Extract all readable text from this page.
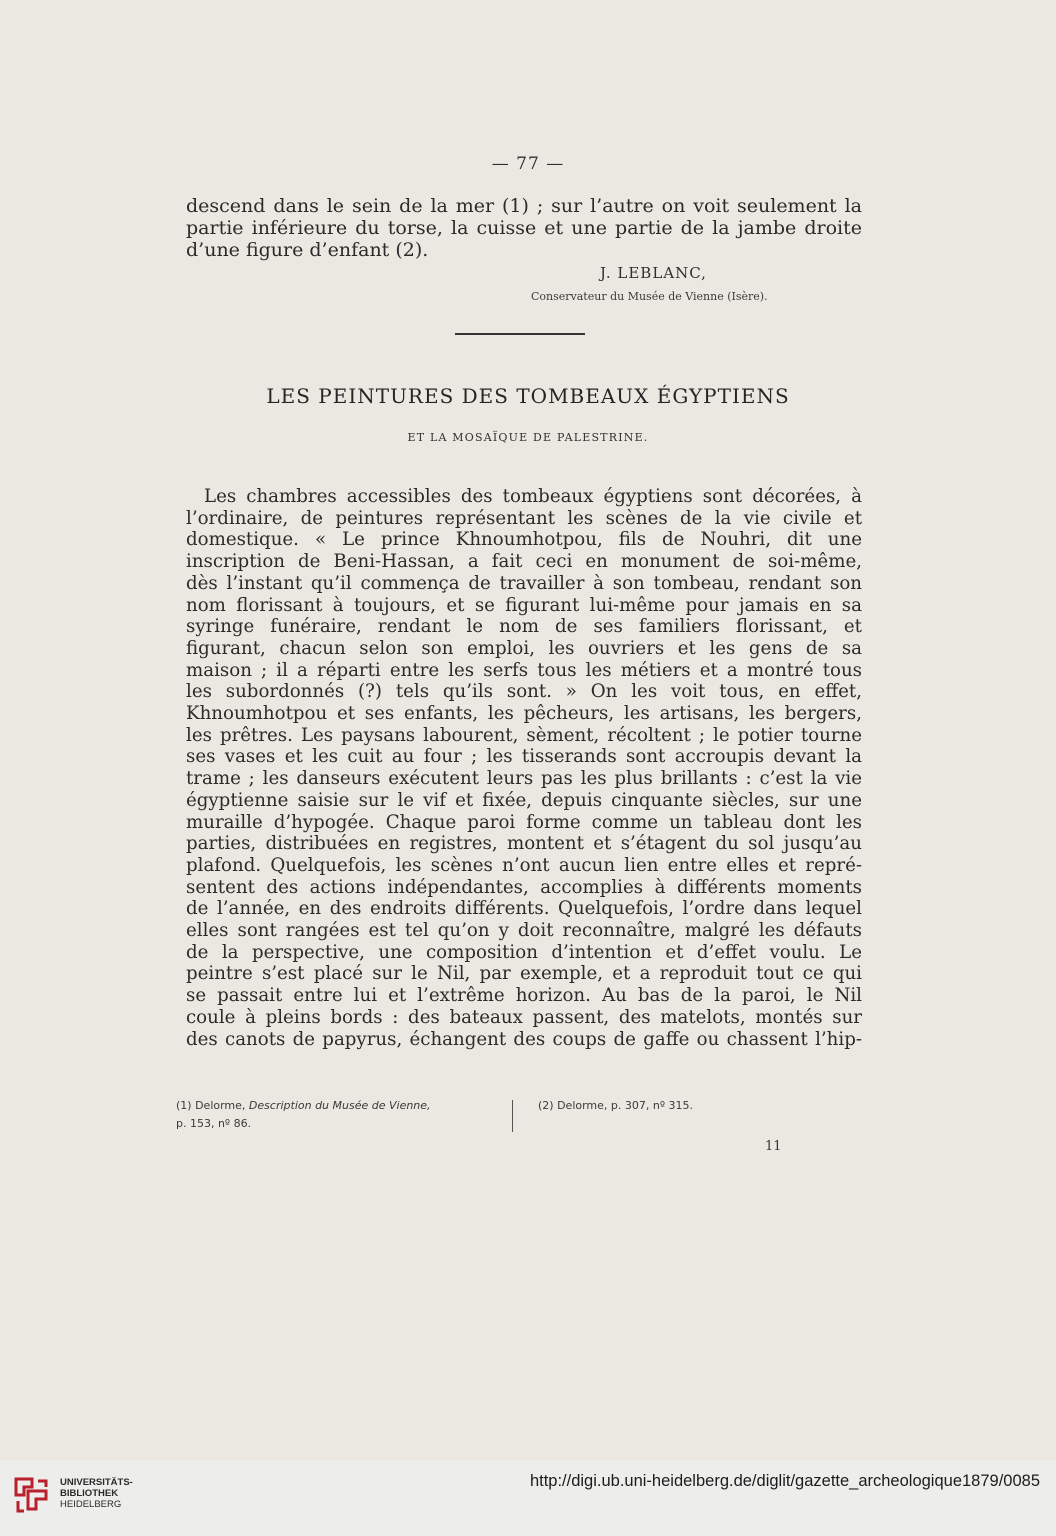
— 77 —
descend dans le sein de la mer (1) ; sur l’autre on voit seulement la
partie inférieure du torse, la cuisse et une partie de la jambe droite
d’une figure d’enfant (2).
J. LEBLANC,
Conservateur du Musée de Vienne (Isère).
LES PEINTURES DES TOMBEAUX ÉGYPTIENS
ET LA MOSAÏQUE DE PALESTRINE.
Les chambres accessibles des tombeaux égyptiens sont décorées, à
l’ordinaire, de peintures représentant les scènes de la vie civile et
domestique. « Le prince Khnoumhotpou, fils de Nouhri, dit une
inscription de Beni-Hassan, a fait ceci en monument de soi-même,
dès l’instant qu’il commença de travailler à son tombeau, rendant son
nom florissant à toujours, et se figurant lui-même pour jamais en sa
syringe funéraire, rendant le nom de ses familiers florissant, et
figurant, chacun selon son emploi, les ouvriers et les gens de sa
maison ; il a réparti entre les serfs tous les métiers et a montré tous
les subordonnés (?) tels qu’ils sont. » On les voit tous, en effet,
Khnoumhotpou et ses enfants, les pêcheurs, les artisans, les bergers,
les prêtres. Les paysans labourent, sèment, récoltent ; le potier tourne
ses vases et les cuit au four ; les tisserands sont accroupis devant la
trame ; les danseurs exécutent leurs pas les plus brillants : c’est la vie
égyptienne saisie sur le vif et fixée, depuis cinquante siècles, sur une
muraille d’hypogée. Chaque paroi forme comme un tableau dont les
parties, distribuées en registres, montent et s’étagent du sol jusqu’au
plafond. Quelquefois, les scènes n’ont aucun lien entre elles et repré-
sentent des actions indépendantes, accomplies à différents moments
de l’année, en des endroits différents. Quelquefois, l’ordre dans lequel
elles sont rangées est tel qu’on y doit reconnaître, malgré les défauts
de la perspective, une composition d’intention et d’effet voulu. Le
peintre s’est placé sur le Nil, par exemple, et a reproduit tout ce qui
se passait entre lui et l’extrême horizon. Au bas de la paroi, le Nil
coule à pleins bords : des bateaux passent, des matelots, montés sur
des canots de papyrus, échangent des coups de gaffe ou chassent l’hip-
(1) Delorme, Description du Musée de Vienne,
p. 153, nº 86.
(2) Delorme, p. 307, nº 315.
11
UNIVERSITÄTS-
BIBLIOTHEK
HEIDELBERG
http://digi.ub.uni-heidelberg.de/diglit/gazette_archeologique1879/0085
